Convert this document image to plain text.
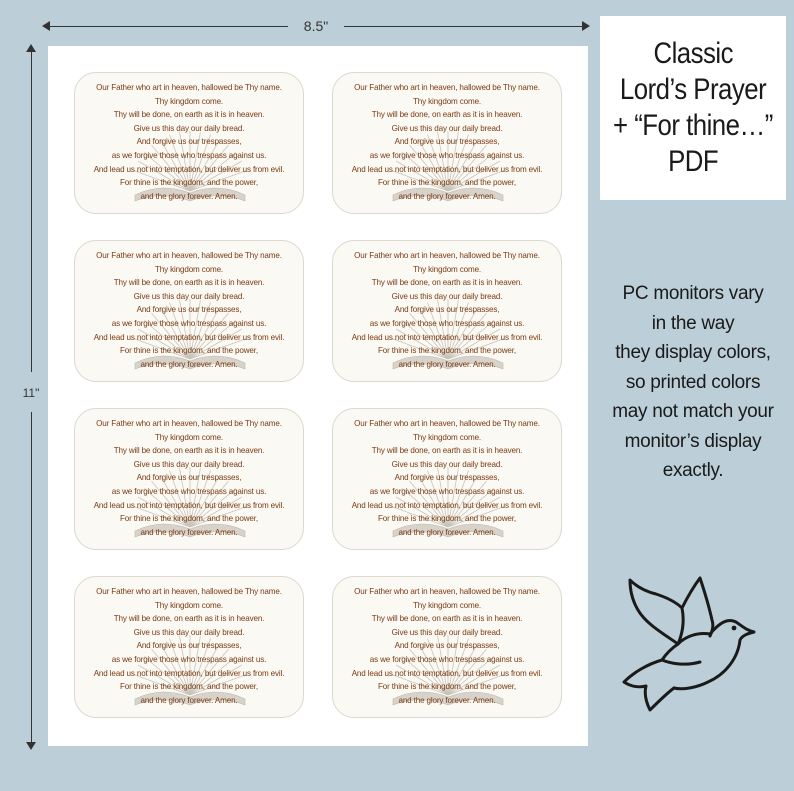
8.5"
11"
Our Father who art in heaven, hallowed be Thy name.
Thy kingdom come.
Thy will be done, on earth as it is in heaven.
Give us this day our daily bread.
And forgive us our trespasses,
as we forgive those who trespass against us.
And lead us not into temptation, but deliver us from evil.
For thine is the kingdom, and the power,
and the glory forever. Amen.
Our Father who art in heaven, hallowed be Thy name.
Thy kingdom come.
Thy will be done, on earth as it is in heaven.
Give us this day our daily bread.
And forgive us our trespasses,
as we forgive those who trespass against us.
And lead us not into temptation, but deliver us from evil.
For thine is the kingdom, and the power,
and the glory forever. Amen.
Our Father who art in heaven, hallowed be Thy name.
Thy kingdom come.
Thy will be done, on earth as it is in heaven.
Give us this day our daily bread.
And forgive us our trespasses,
as we forgive those who trespass against us.
And lead us not into temptation, but deliver us from evil.
For thine is the kingdom, and the power,
and the glory forever. Amen.
Our Father who art in heaven, hallowed be Thy name.
Thy kingdom come.
Thy will be done, on earth as it is in heaven.
Give us this day our daily bread.
And forgive us our trespasses,
as we forgive those who trespass against us.
And lead us not into temptation, but deliver us from evil.
For thine is the kingdom, and the power,
and the glory forever. Amen.
Our Father who art in heaven, hallowed be Thy name.
Thy kingdom come.
Thy will be done, on earth as it is in heaven.
Give us this day our daily bread.
And forgive us our trespasses,
as we forgive those who trespass against us.
And lead us not into temptation, but deliver us from evil.
For thine is the kingdom, and the power,
and the glory forever. Amen.
Our Father who art in heaven, hallowed be Thy name.
Thy kingdom come.
Thy will be done, on earth as it is in heaven.
Give us this day our daily bread.
And forgive us our trespasses,
as we forgive those who trespass against us.
And lead us not into temptation, but deliver us from evil.
For thine is the kingdom, and the power,
and the glory forever. Amen.
Our Father who art in heaven, hallowed be Thy name.
Thy kingdom come.
Thy will be done, on earth as it is in heaven.
Give us this day our daily bread.
And forgive us our trespasses,
as we forgive those who trespass against us.
And lead us not into temptation, but deliver us from evil.
For thine is the kingdom, and the power,
and the glory forever. Amen.
Our Father who art in heaven, hallowed be Thy name.
Thy kingdom come.
Thy will be done, on earth as it is in heaven.
Give us this day our daily bread.
And forgive us our trespasses,
as we forgive those who trespass against us.
And lead us not into temptation, but deliver us from evil.
For thine is the kingdom, and the power,
and the glory forever. Amen.
Classic
Lord’s Prayer
+ “For thine…”
PDF
PC monitors vary
in the way
they display colors,
so printed colors
may not match your
monitor’s display
exactly.
